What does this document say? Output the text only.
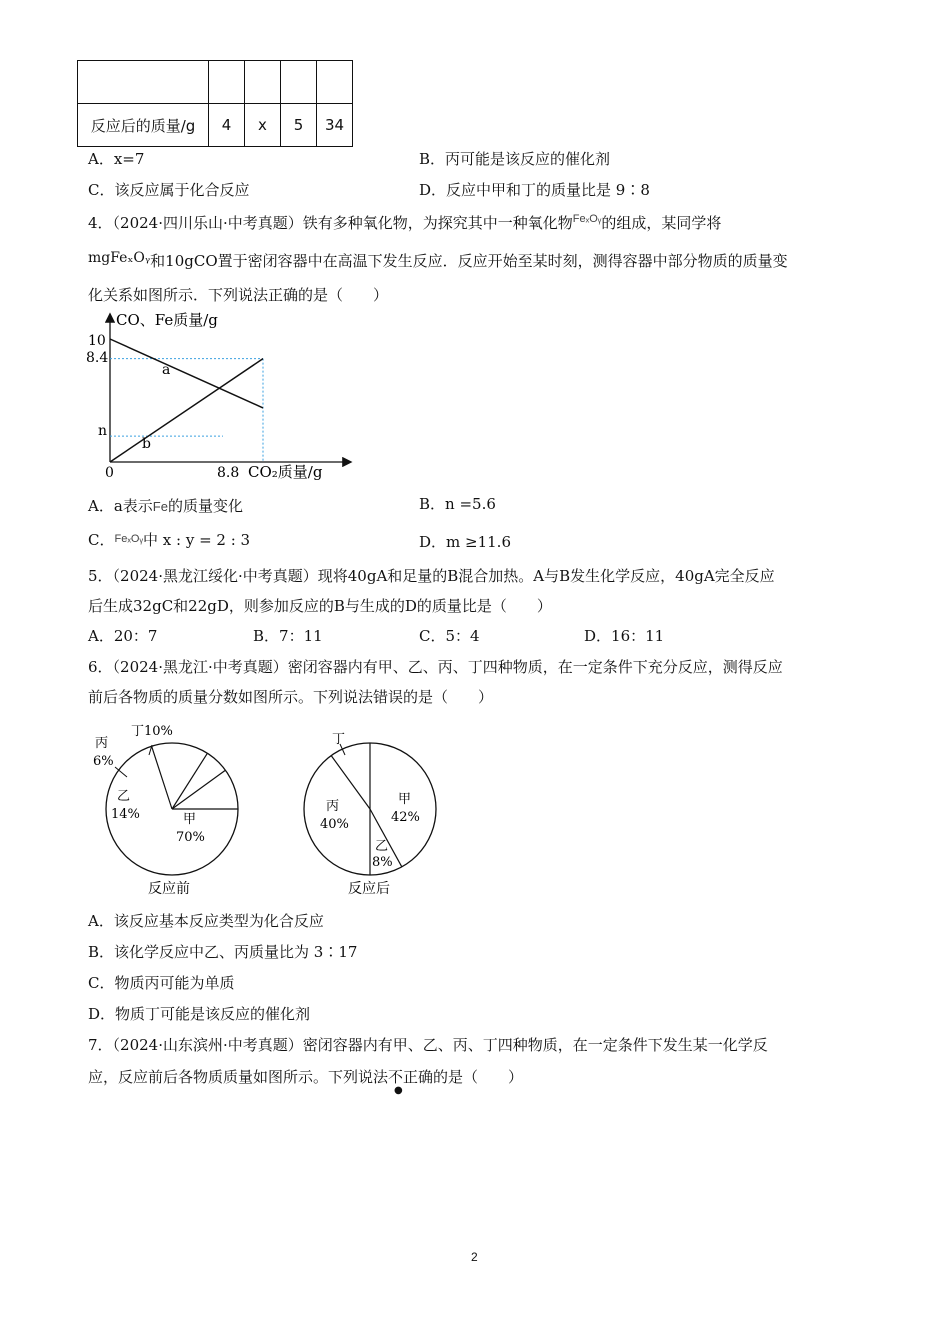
反应后的质量/g	4	x	5	34
A．x=7	B．丙可能是该反应的催化剂
C．该反应属于化合反应	D．反应中甲和丁的质量比是 9∶8
4．（2024·四川乐山·中考真题）铁有多种氧化物，为探究其中一种氧化物$^{Fe_xOᵧ}$的组成，某同学将
mgFeₓOᵧ和10gCO置于密闭容器中在高温下发生反应．反应开始至某时刻，测得容器中部分物质的质量变
化关系如图所示．下列说法正确的是（　　）
CO、Fe质量/g
10
8.4
n
0	8.8 CO₂质量/g
a
b
A．a表示Fe的质量变化	B．n =5.6
C．$^{Fe_xOᵧ}$中 x : y = 2 : 3	D．m ≥11.6
5．（2024·黑龙江绥化·中考真题）现将40gA和足量的B混合加热。A与B发生化学反应，40gA完全反应
后生成32gC和22gD，则参加反应的B与生成的D的质量比是（　　）
A．20：7	B．7：11	C．5：4	D．16：11
6．（2024·黑龙江·中考真题）密闭容器内有甲、乙、丙、丁四种物质，在一定条件下充分反应，测得反应
前后各物质的质量分数如图所示。下列说法错误的是（　　）
丁10%
丙
6%
乙
14%	甲
70%
反应前
丁
丙
40%
甲
42%
乙
8%
反应后
A．该反应基本反应类型为化合反应
B．该化学反应中乙、丙质量比为 3∶17
C．物质丙可能为单质
D．物质丁可能是该反应的催化剂
7．（2024·山东滨州·中考真题）密闭容器内有甲、乙、丙、丁四种物质，在一定条件下发生某一化学反
应，反应前后各物质质量如图所示。下列说法不
●
正确的是（　　）
2
